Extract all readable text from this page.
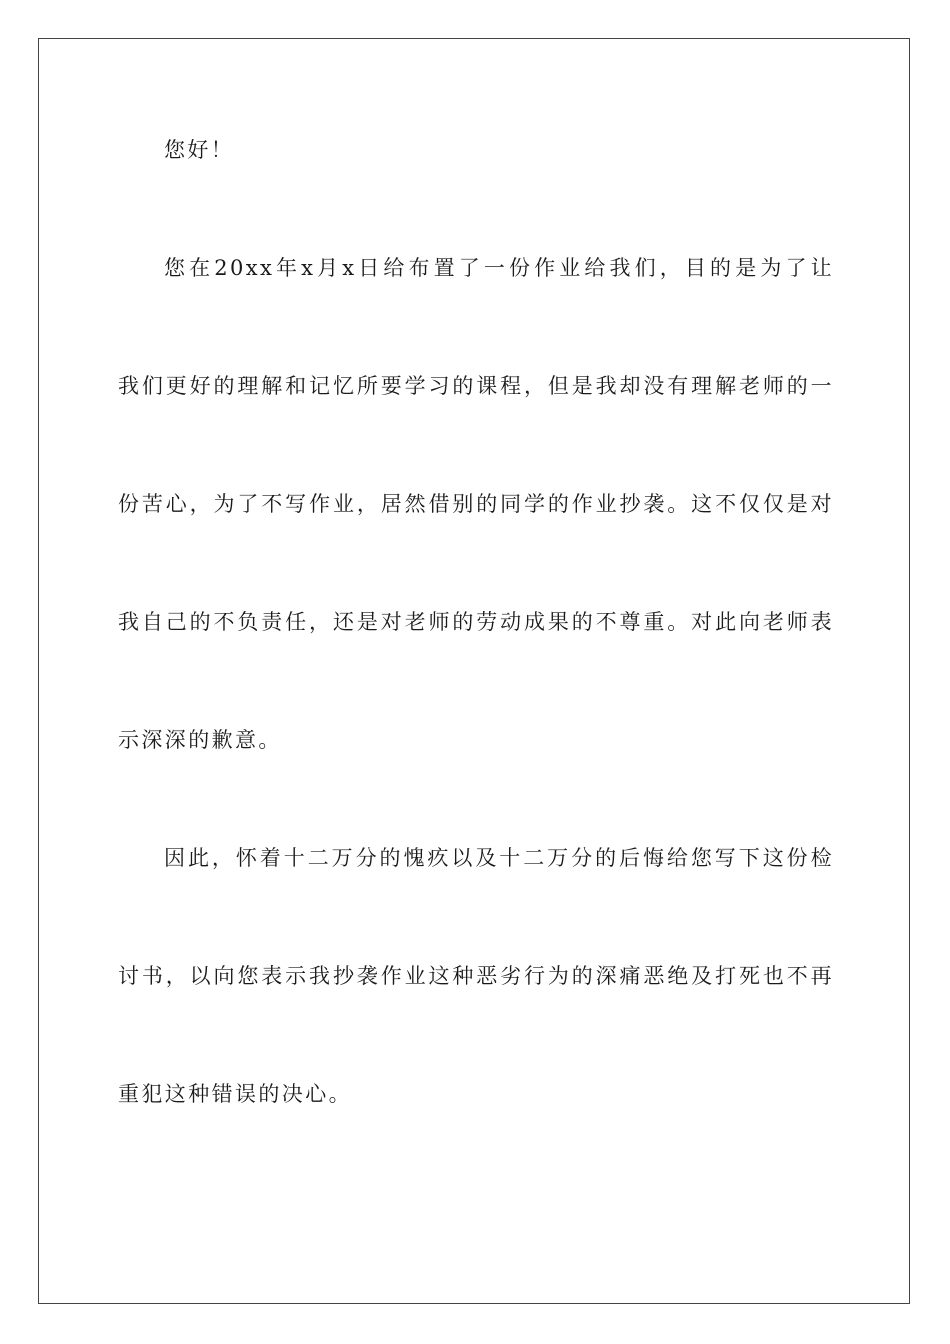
您好！
您在20xx年x月x日给布置了一份作业给我们，目的是为了让
我们更好的理解和记忆所要学习的课程，但是我却没有理解老师的一
份苦心，为了不写作业，居然借别的同学的作业抄袭。这不仅仅是对
我自己的不负责任，还是对老师的劳动成果的不尊重。对此向老师表
示深深的歉意。
因此，怀着十二万分的愧疚以及十二万分的后悔给您写下这份检
讨书，以向您表示我抄袭作业这种恶劣行为的深痛恶绝及打死也不再
重犯这种错误的决心。
